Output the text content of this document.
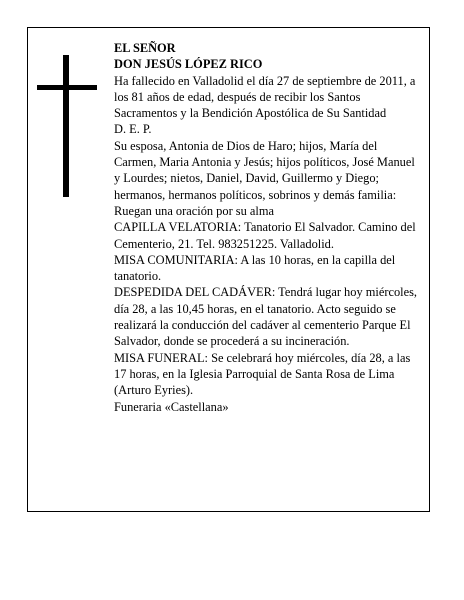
EL SEÑOR

DON JESÚS LÓPEZ RICO

Ha fallecido en Valladolid el día 27 de septiembre de 2011, a los 81 años de edad, después de recibir los Santos Sacramentos y la Bendición Apostólica de Su Santidad

D. E. P.

Su esposa, Antonia de Dios de Haro; hijos, María del Carmen, Maria Antonia y Jesús; hijos políticos, José Manuel y Lourdes; nietos, Daniel, David, Guillermo y Diego; hermanos, hermanos políticos, sobrinos y demás familia:

Ruegan una oración por su alma

CAPILLA VELATORIA: Tanatorio El Salvador. Camino del Cementerio, 21. Tel. 983251225. Valladolid.

MISA COMUNITARIA: A las 10 horas, en la capilla del tanatorio.

DESPEDIDA DEL CADÁVER: Tendrá lugar hoy miércoles, día 28, a las 10,45 horas, en el tanatorio. Acto seguido se realizará la conducción del cadáver al cementerio Parque El Salvador, donde se procederá a su incineración.

MISA FUNERAL: Se celebrará hoy miércoles, día 28, a las 17 horas, en la Iglesia Parroquial de Santa Rosa de Lima (Arturo Eyries).

Funeraria «Castellana»
